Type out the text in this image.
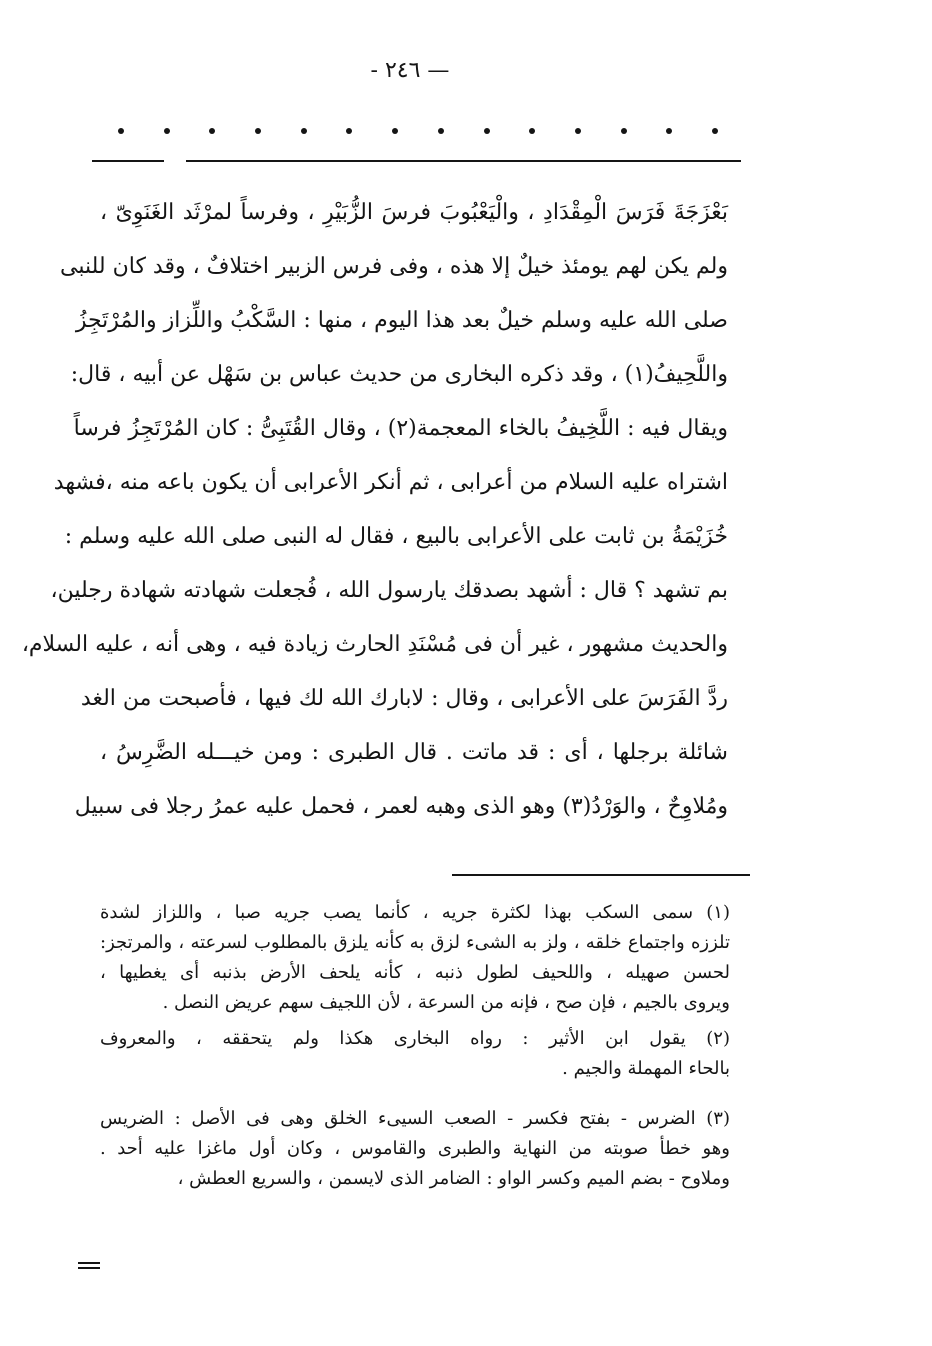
— ٢٤٦ -
بَعْزَجَةَ فَرَسَ الْمِقْدَادِ ، والْيَعْبُوبَ فرسَ الزُّبَيْرِ ، وفرساً لمرْثَد الغَنَوِىّ ،
ولم يكن لهم يومئذ خيلٌ إلا هذه ، وفى فرس الزبير اختلافٌ ، وقد كان للنبى
صلى الله عليه وسلم خيلٌ بعد هذا اليوم ، منها : السَّكْبُ واللِّزاز والمُرْتَجِزُ
واللَّحِيفُ(١) ، وقد ذكره البخارى من حديث عباس بن سَهْل عن أبيه ، قال:
ويقال فيه : اللَّخِيفُ بالخاء المعجمة(٢) ، وقال القُتَبِىُّ : كان المُرْتَجِزُ فرساً
اشتراه عليه السلام من أعرابى ، ثم أنكر الأعرابى أن يكون باعه منه ،فشهد
خُزَيْمَةُ بن ثابت على الأعرابى بالبيع ، فقال له النبى صلى الله عليه وسلم :
بم تشهد ؟ قال : أشهد بصدقك يارسول الله ، فُجعلت شهادته شهادة رجلين،
والحديث مشهور ، غير أن فى مُسْنَدِ الحارث زيادة فيه ، وهى أنه ، عليه السلام،
ردَّ الفَرَسَ على الأعرابى ، وقال : لابارك الله لك فيها ، فأصبحت من الغد
شائلة برجلها ، أى : قد ماتت . قال الطبرى : ومن خيـــله الضَّرِسُ ،
ومُلاوِحٌ ، والوَرْدُ(٣) وهو الذى وهبه لعمر ، فحمل عليه عمرُ رجلا فى سبيل
(١) سمى السكب بهذا لكثرة جريه ، كأنما يصب جريه صبا ، واللزاز لشدة
تلززه واجتماع خلقه ، ولز به الشىء لزق به كأنه يلزق بالمطلوب لسرعته ، والمرتجز:
لحسن صهيله ، واللحيف لطول ذنبه ، كأنه يلحف الأرض بذنبه أى يغطيها ،
ويروى بالجيم ، فإن صح ، فإنه من السرعة ، لأن اللجيف سهم عريض النصل .
(٢) يقول ابن الأثير : رواه البخارى هكذا ولم يتحققه ، والمعروف
بالحاء المهملة والجيم .
(٣) الضرس - بفتح فكسر - الصعب السيىء الخلق وهى فى الأصل : الضريس
وهو خطأ صوبته من النهاية والطبرى والقاموس ، وكان أول ماغزا عليه أحد .
وملاوح - بضم الميم وكسر الواو : الضامر الذى لايسمن ، والسريع العطش ،
